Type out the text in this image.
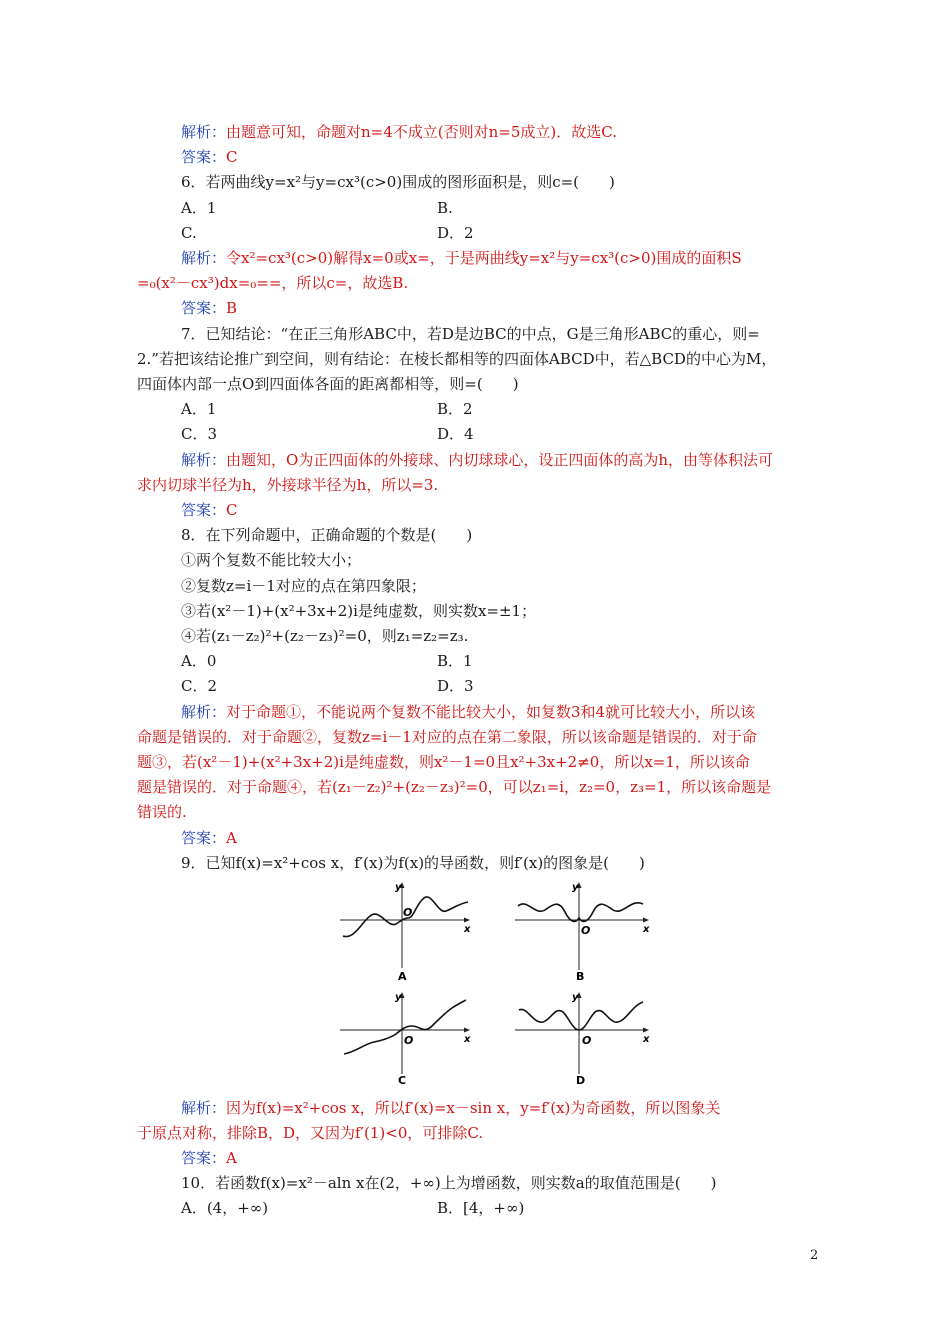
解析：由题意可知，命题对n=4不成立(否则对n=5成立)．故选C.
答案：C
6．若两曲线y=x²与y=cx³(c>0)围成的图形面积是，则c=(　　)
A．1	B.
C.	D．2
解析：令x²=cx³(c>0)解得x=0或x=，于是两曲线y=x²与y=cx³(c>0)围成的面积S
=₀(x²－cx³)dx=₀==，所以c=，故选B.
答案：B
7．已知结论：“在正三角形ABC中，若D是边BC的中点，G是三角形ABC的重心，则=
2.”若把该结论推广到空间，则有结论：在棱长都相等的四面体ABCD中，若△BCD的中心为M，
四面体内部一点O到四面体各面的距离都相等，则=(　　)
A．1	B．2
C．3	D．4
解析：由题知，O为正四面体的外接球、内切球球心，设正四面体的高为h，由等体积法可
求内切球半径为h，外接球半径为h，所以=3.
答案：C
8．在下列命题中，正确命题的个数是(　　)
①两个复数不能比较大小；
②复数z=i－1对应的点在第四象限；
③若(x²－1)+(x²+3x+2)i是纯虚数，则实数x=±1；
④若(z₁－z₂)²+(z₂－z₃)²=0，则z₁=z₂=z₃.
A．0	B．1
C．2	D．3
解析：对于命题①，不能说两个复数不能比较大小，如复数3和4就可比较大小，所以该
命题是错误的．对于命题②，复数z=i－1对应的点在第二象限，所以该命题是错误的．对于命
题③，若(x²－1)+(x²+3x+2)i是纯虚数，则x²－1=0且x²+3x+2≠0，所以x=1，所以该命
题是错误的．对于命题④，若(z₁－z₂)²+(z₂－z₃)²=0，可以z₁=i，z₂=0，z₃=1，所以该命题是
错误的.
答案：A
9．已知f(x)=x²+cos x，f′(x)为f(x)的导函数，则f′(x)的图象是(　　)
y
x
O
A
y
x
O
B
y
x
O
C
y
x
O
D
解析：因为f(x)=x²+cos x，所以f′(x)=x－sin x，y=f′(x)为奇函数，所以图象关
于原点对称，排除B，D，又因为f′(1)<0，可排除C.
答案：A
10．若函数f(x)=x²－aln x在(2，+∞)上为增函数，则实数a的取值范围是(　　)
A．(4，+∞)	B．[4，+∞)
2
